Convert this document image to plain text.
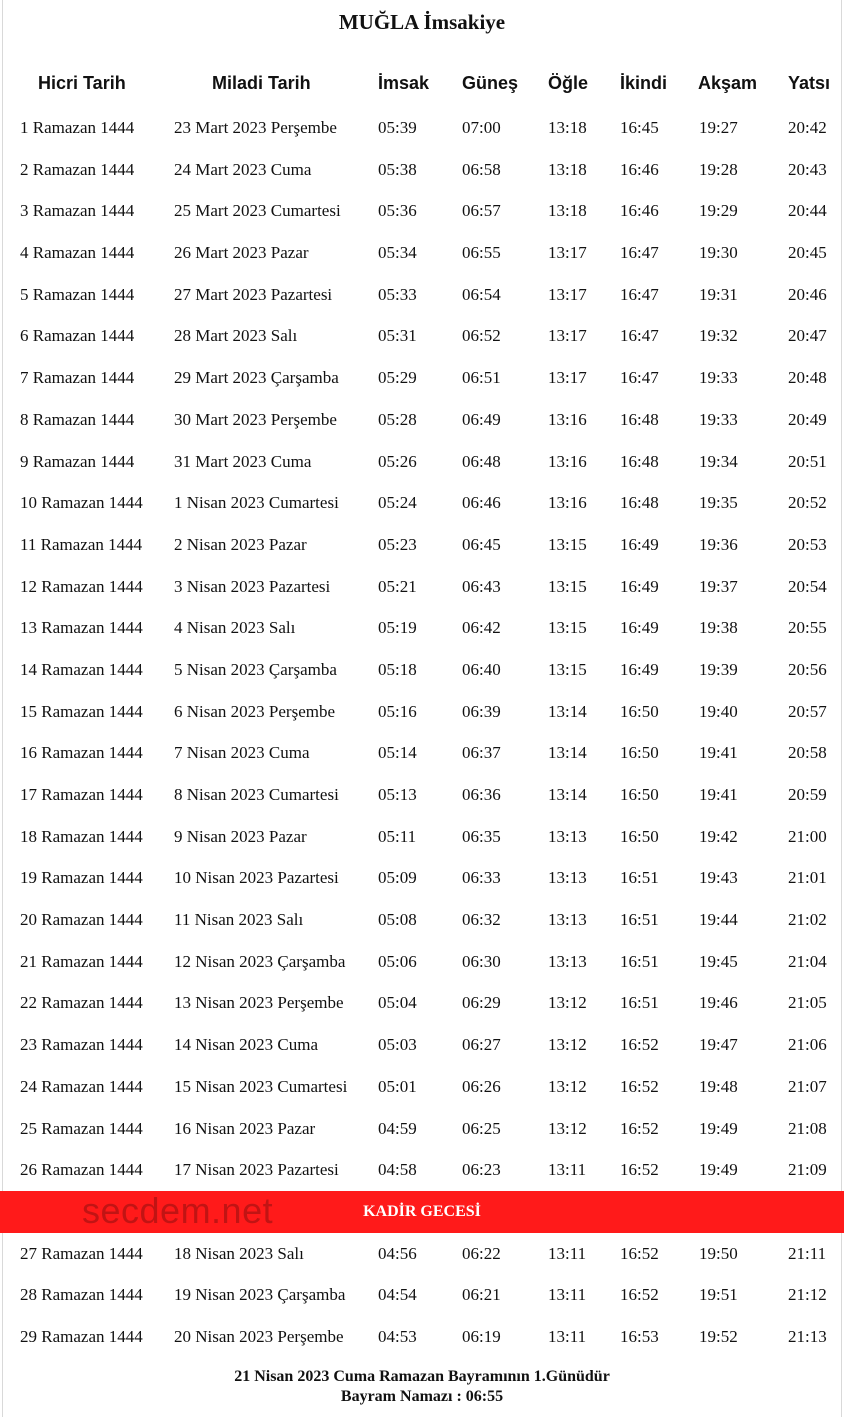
MUĞLA İmsakiye
Hicri Tarih	Miladi Tarih	İmsak Güneş Öğle İkindi Akşam Yatsı
1 Ramazan 1444 23 Mart 2023 Perşembe 05:39	07:00	13:18 16:45 19:27	20:42
2 Ramazan 1444 24 Mart 2023 Cuma	05:38	06:58	13:18 16:46 19:28	20:43
3 Ramazan 1444 25 Mart 2023 Cumartesi 05:36	06:57	13:18 16:46 19:29	20:44
4 Ramazan 1444 26 Mart 2023 Pazar	05:34	06:55	13:17 16:47 19:30	20:45
5 Ramazan 1444 27 Mart 2023 Pazartesi	05:33	06:54	13:17 16:47 19:31	20:46
6 Ramazan 1444 28 Mart 2023 Salı	05:31	06:52	13:17 16:47 19:32	20:47
7 Ramazan 1444 29 Mart 2023 Çarşamba 05:29	06:51	13:17 16:47 19:33	20:48
8 Ramazan 1444 30 Mart 2023 Perşembe 05:28	06:49	13:16 16:48 19:33	20:49
9 Ramazan 1444 31 Mart 2023 Cuma	05:26	06:48	13:16 16:48 19:34	20:51
10 Ramazan 1444 1 Nisan 2023 Cumartesi 05:24	06:46	13:16 16:48 19:35	20:52
11 Ramazan 1444 2 Nisan 2023 Pazar	05:23	06:45	13:15 16:49 19:36	20:53
12 Ramazan 1444 3 Nisan 2023 Pazartesi	05:21	06:43	13:15 16:49 19:37	20:54
13 Ramazan 1444 4 Nisan 2023 Salı	05:19	06:42	13:15 16:49 19:38	20:55
14 Ramazan 1444 5 Nisan 2023 Çarşamba 05:18	06:40	13:15 16:49 19:39	20:56
15 Ramazan 1444 6 Nisan 2023 Perşembe	05:16	06:39	13:14 16:50 19:40	20:57
16 Ramazan 1444 7 Nisan 2023 Cuma	05:14	06:37	13:14 16:50 19:41	20:58
17 Ramazan 1444 8 Nisan 2023 Cumartesi 05:13	06:36	13:14 16:50 19:41	20:59
18 Ramazan 1444 9 Nisan 2023 Pazar	05:11	06:35	13:13 16:50 19:42	21:00
19 Ramazan 1444 10 Nisan 2023 Pazartesi 05:09	06:33	13:13 16:51 19:43	21:01
20 Ramazan 1444 11 Nisan 2023 Salı	05:08	06:32	13:13 16:51 19:44	21:02
21 Ramazan 1444 12 Nisan 2023 Çarşamba 05:06	06:30	13:13 16:51 19:45	21:04
22 Ramazan 1444 13 Nisan 2023 Perşembe 05:04	06:29	13:12 16:51 19:46	21:05
23 Ramazan 1444 14 Nisan 2023 Cuma	05:03	06:27	13:12 16:52 19:47	21:06
24 Ramazan 1444 15 Nisan 2023 Cumartesi 05:01	06:26	13:12 16:52 19:48	21:07
25 Ramazan 1444 16 Nisan 2023 Pazar	04:59	06:25	13:12 16:52 19:49	21:08
26 Ramazan 1444 17 Nisan 2023 Pazartesi 04:58	06:23	13:11 16:52 19:49	21:09
secdem.net	KADİR GECESİ
27 Ramazan 1444 18 Nisan 2023 Salı	04:56	06:22	13:11 16:52 19:50	21:11
28 Ramazan 1444 19 Nisan 2023 Çarşamba 04:54	06:21	13:11 16:52 19:51	21:12
29 Ramazan 1444 20 Nisan 2023 Perşembe 04:53	06:19	13:11 16:53 19:52	21:13
21 Nisan 2023 Cuma Ramazan Bayramının 1.Günüdür
Bayram Namazı : 06:55
